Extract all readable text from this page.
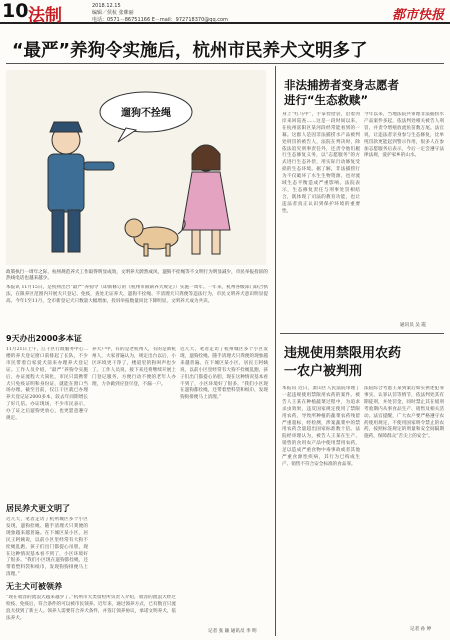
10 法制	2018.12.15
编辑／侯杭 张咪丽
电话：0571－86751166 E－mail：972718370@qq.com	都市快报
“最严”养狗令实施后，杭州市民养犬文明多了
遛狗不拴绳
政策执行一周年之际，杭州规范养犬工作取得明显成效，文明养犬蔚然成风，遛狗不拴绳等不文明行为明显减少，市民举报投诉的热线电话也越来越少。
本报讯 11月15日，是杭州出台“最严”养狗令（即新修订的《杭州市限制养犬规定》）实施一周年。一年来，杭州各级部门联合执法，在限养区范围内开展犬只登记、免疫，查处无证养犬、遛狗不拴绳、不清理犬只粪便等违法行为，市民文明养犬意识明显提高。今年1至11月，全市新登记犬只数量大幅增加，投诉举报数量同比下降明显，文明养犬成为共识。
9天办出2000多本证
11月21日上午，江干区行政服务中心二楼的养犬登记窗口前排起了长队，不少市民带着自家爱犬前来办理养犬登记证。工作人员介绍，“最严”养狗令实施后，办证流程大大简化，市民只需携带犬只免疫证明和身份证，就能在窗口当场办理。截至目前，仅江干区就已办理养犬登记证2000多本，较去年同期增长了好几倍。办证现场，不少市民表示，办了证之后遛狗更放心，也更愿意遵守规定。
养犬户中，有的是老杭州人，有的是新杭州人，大家普遍认为，规定出台以后，小区环境更干净了，楼道里的狗叫声也少了。工作人员说，接下来还将继续开展上门登记服务，方便行动不便的老年人办理，力争做到应登尽登，不漏一户。
居民养犬更文明了
近几天，笔者走访了杭州城区多个小区发现，遛狗拴绳、随手清理犬只粪便的现象越来越普遍。在下城区某小区，居民王阿姨说，以前小区里经常有大狗不拴绳乱跑，孩子们出门都提心吊胆，现在这种情况基本看不到了，小区环境好了很多。“我们小区现在遛狗都拴绳，还带着塑料袋和纸巾，发现狗狗排便马上清理。”
无主犬可被领养
“现在收容的流浪犬越来越少了。”杭州市犬类留检所负责人介绍，收容的流浪犬经过检疫、免疫后，符合条件的可以被市民领养。近年来，通过领养方式，已有数百只流浪犬找到了新主人。领养人需要符合养犬条件，并签订领养协议，承诺文明养犬、依法养犬。
近几天，笔者走访了杭州城区多个小区发现，遛狗拴绳、随手清理犬只粪便的现象越来越普遍。在下城区某小区，居民王阿姨说，以前小区里经常有大狗不拴绳乱跑，孩子们出门都提心吊胆，现在这种情况基本看不到了，小区环境好了很多。“我们小区现在遛狗都拴绳，还带着塑料袋和纸巾，发现狗狗排便马上清理。”
记者 张 颖 通讯员 李 明
非法捕捞者变身志愿者
进行“生态救赎”
身上“红马甲”，手拿捡拾袋，沿着河岸来回巡查……这是一段时间以来，在杭州富阳区某河段经常能看到的一幕。这群人是因非法捕捞水产品被判处刑罚的被告人，法院在判决时，除依法追究刑事责任外，还责令他们履行生态修复义务，以“志愿服务”的方式进行生态补偿，用实际行动修复受损的生态环境。据了解，非法捕捞行为不仅破坏了水生生物资源，也对流域生态平衡造成严重影响。法院表示，生态修复责任与刑事处罚相结合，既体现了司法的教育功能，也让违法者真正认识到保护环境的重要性。
今年以来，当地法院共审理非法捕捞水产品案件多起，依法判处相关被告人刑罚，并责令增殖放流鱼苗数万尾。法官说，让违法者亲身参与生态修复，比单纯罚款更能起到警示作用，很多人在参加志愿服务后表示，今后一定会遵守法律法规，爱护家乡的山水。
通讯员 吴 霞
违规使用禁限用农药
一农户被判刑
本报讯 近日，萧山区人民法院审理了一起违规使用禁限用农药的案件。被告人王某在种植蔬菜过程中，为追求杀虫效果，违反国家规定使用了禁限用农药，导致所种植的蔬菜农药残留严重超标，经检测，涉案蔬菜中的禁用农药含量超出国家标准数十倍。法院经审理认为，被告人王某在生产、销售的食用农产品中使用禁用农药，足以造成严重食物中毒事故或者其他严重食源性疾病，其行为已构成生产、销售不符合安全标准的食品罪。
法院综合考虑王某到案后如实供述犯罪事实，认罪认罚等情节，依法判处其有期徒刑，并处罚金，同时禁止其在缓刑考验期内从事食品生产、销售及相关活动。法官提醒，广大农户要严格遵守农药使用规定，不使用国家明令禁止的农药，按照标签规定的剂量和安全间隔期施药，保障群众“舌尖上的安全”。
记者 孙 婷
